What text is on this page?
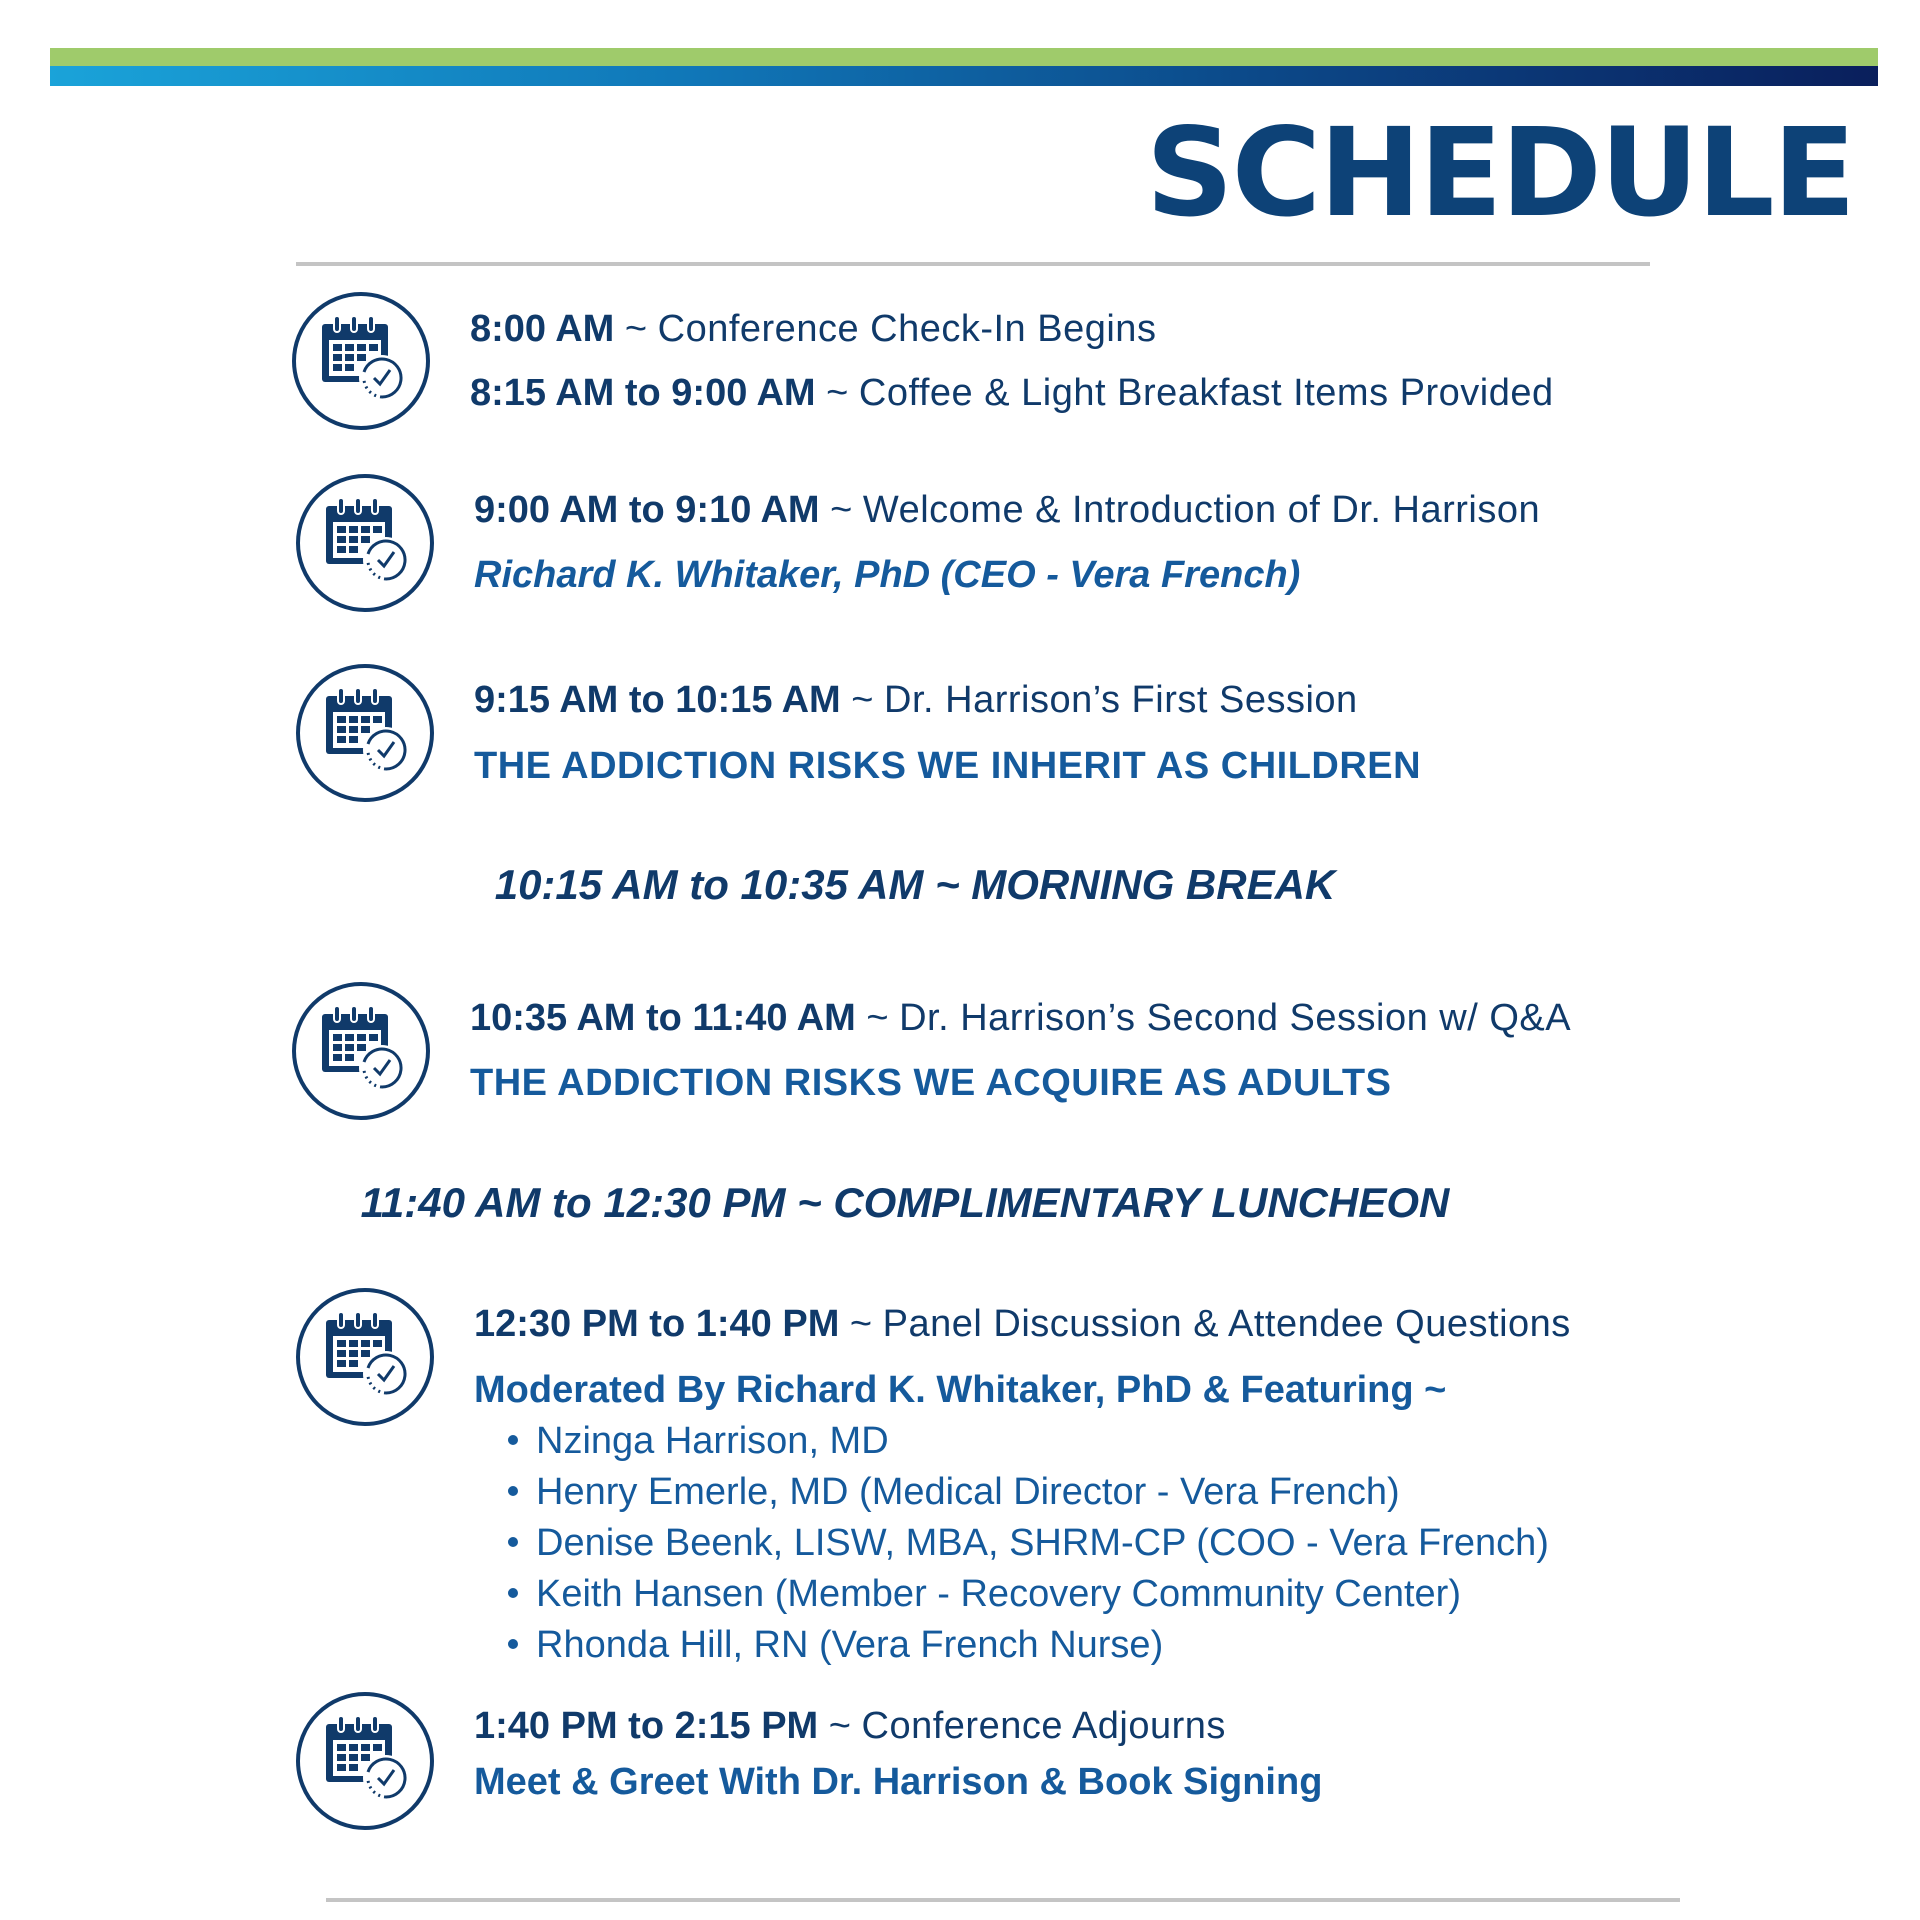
SCHEDULE
8:00 AM ~ Conference Check-In Begins
8:15 AM to 9:00 AM ~ Coffee & Light Breakfast Items Provided
9:00 AM to 9:10 AM ~ Welcome & Introduction of Dr. Harrison
Richard K. Whitaker, PhD (CEO - Vera French)
9:15 AM to 10:15 AM ~ Dr. Harrison’s First Session
THE ADDICTION RISKS WE INHERIT AS CHILDREN
10:15 AM to 10:35 AM ~ MORNING BREAK
10:35 AM to 11:40 AM ~ Dr. Harrison’s Second Session w/ Q&A
THE ADDICTION RISKS WE ACQUIRE AS ADULTS
11:40 AM to 12:30 PM ~ COMPLIMENTARY LUNCHEON
12:30 PM to 1:40 PM ~ Panel Discussion & Attendee Questions
Moderated By Richard K. Whitaker, PhD & Featuring ~
Nzinga Harrison, MD
Henry Emerle, MD (Medical Director - Vera French)
Denise Beenk, LISW, MBA, SHRM-CP (COO - Vera French)
Keith Hansen (Member - Recovery Community Center)
Rhonda Hill, RN (Vera French Nurse)
1:40 PM to 2:15 PM ~ Conference Adjourns
Meet & Greet With Dr. Harrison & Book Signing
